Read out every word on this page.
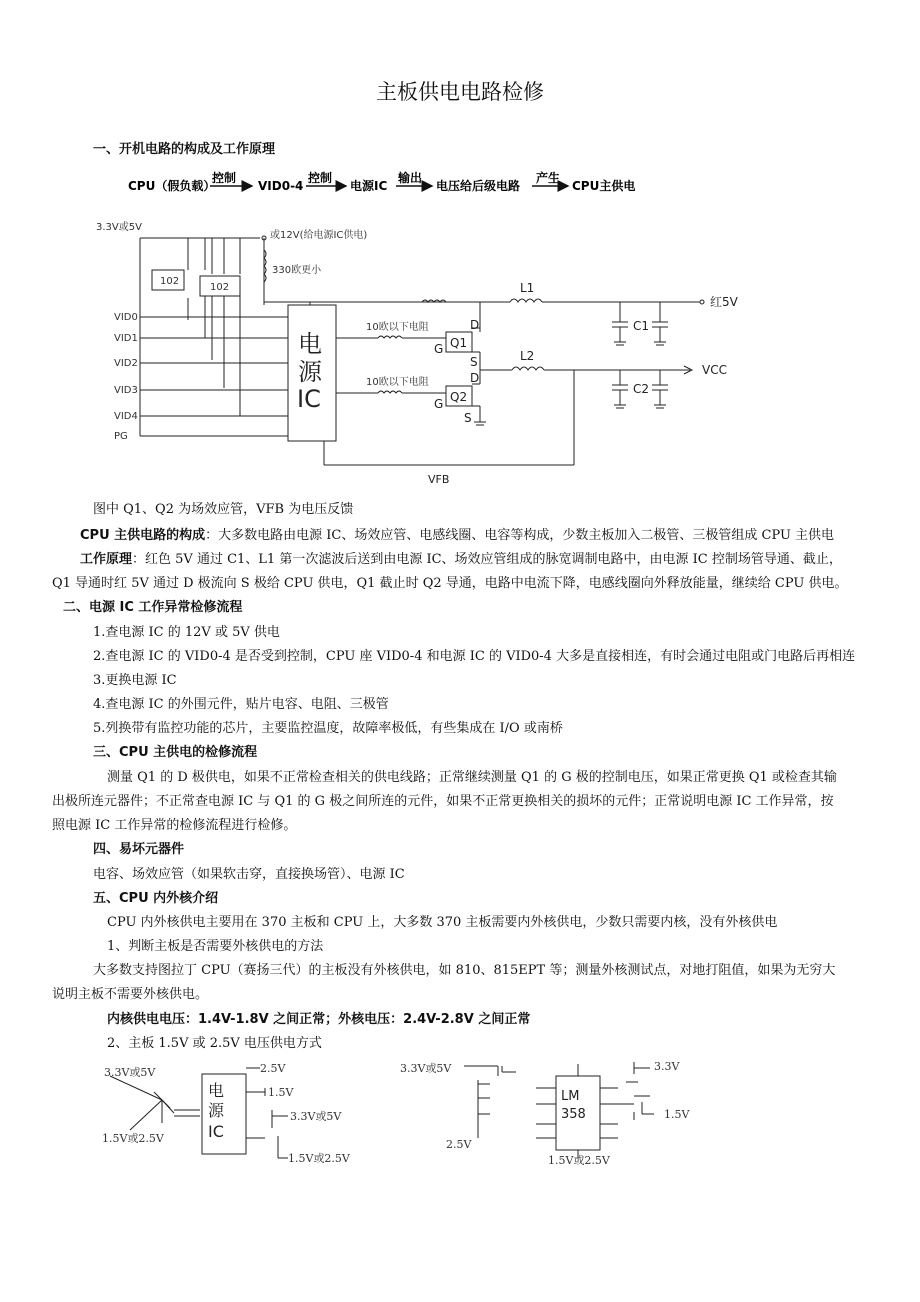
主板供电电路检修
一、开机电路的构成及工作原理
CPU（假负载）
控制
VID0-4
控制
电源IC
输出
电压给后级电路
产生
CPU主供电
3.3V或5V
或12V(给电源IC供电)
330欧更小
102
102
VID0
VID1
VID2
VID3
VID4
PG
电
源
IC
10欧以下电阻
10欧以下电阻
D
G
S
Q1
D
G
S
Q2
L1
L2
C1
C2
红5V
VCC
VFB
图中 Q1、Q2 为场效应管，VFB 为电压反馈
CPU 主供电路的构成：大多数电路由电源 IC、场效应管、电感线圈、电容等构成，少数主板加入二极管、三极管组成 CPU 主供电
工作原理：红色 5V 通过 C1、L1 第一次滤波后送到由电源 IC、场效应管组成的脉宽调制电路中，由电源 IC 控制场管导通、截止，
Q1 导通时红 5V 通过 D 极流向 S 极给 CPU 供电，Q1 截止时 Q2 导通，电路中电流下降，电感线圈向外释放能量，继续给 CPU 供电。
二、电源 IC 工作异常检修流程
1.查电源 IC 的 12V 或 5V 供电
2.查电源 IC 的 VID0-4 是否受到控制，CPU 座 VID0-4 和电源 IC 的 VID0-4 大多是直接相连，有时会通过电阻或门电路后再相连
3.更换电源 IC
4.查电源 IC 的外围元件，贴片电容、电阻、三极管
5.列换带有监控功能的芯片，主要监控温度，故障率极低，有些集成在 I/O 或南桥
三、CPU 主供电的检修流程
测量 Q1 的 D 极供电，如果不正常检查相关的供电线路；正常继续测量 Q1 的 G 极的控制电压，如果正常更换 Q1 或检查其输
出极所连元器件；不正常查电源 IC 与 Q1 的 G 极之间所连的元件，如果不正常更换相关的损坏的元件；正常说明电源 IC 工作异常，按
照电源 IC 工作异常的检修流程进行检修。
四、易坏元器件
电容、场效应管（如果软击穿，直接换场管）、电源 IC
五、CPU 内外核介绍
CPU 内外核供电主要用在 370 主板和 CPU 上，大多数 370 主板需要内外核供电，少数只需要内核，没有外核供电
1、判断主板是否需要外核供电的方法
大多数支持图拉丁 CPU（赛扬三代）的主板没有外核供电，如 810、815EPT 等；测量外核测试点，对地打阻值，如果为无穷大
说明主板不需要外核供电。
内核供电电压：1.4V-1.8V 之间正常；外核电压：2.4V-2.8V 之间正常
2、主板 1.5V 或 2.5V 电压供电方式
3.3V或5V	2.5V
1.5V
3.3V或5V
1.5V或2.5V
1.5V或2.5V
电
源
IC
3.3V或5V	3.3V
1.5V
2.5V
1.5V或2.5V
LM
358
